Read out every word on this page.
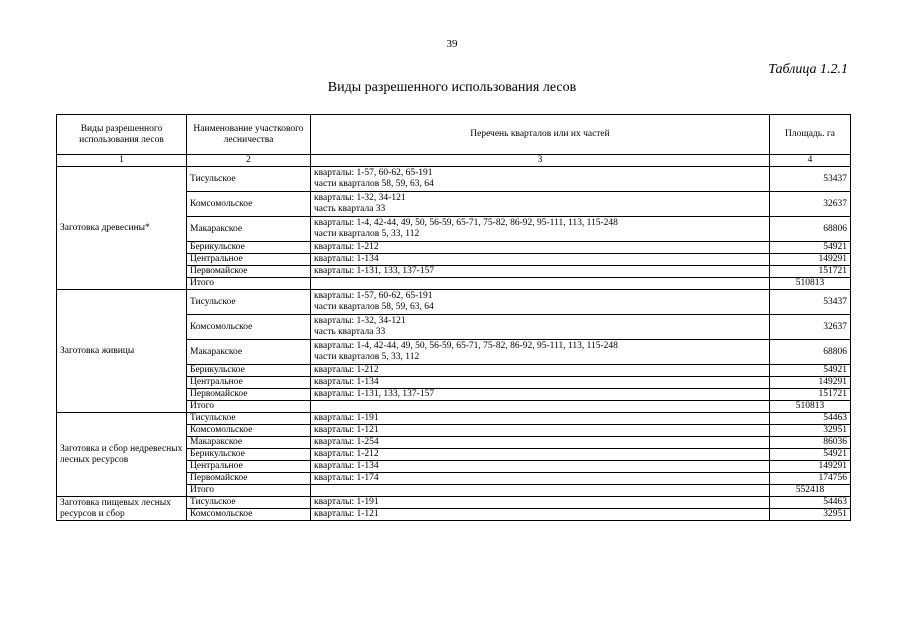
39
Таблица 1.2.1
Виды разрешенного использования лесов
Виды разрешенного использования лесов	Наименование участкового лесничества	Перечень кварталов или их частей	Площадь. га
1	2	3	4
Заготовка древесины*	Тисульское	кварталы: 1-57, 60-62, 65-191
части кварталов 58, 59, 63, 64	53437
	Комсомольское	кварталы: 1-32, 34-121
часть квартала 33	32637
	Макаракское	кварталы: 1-4, 42-44, 49, 50, 56-59, 65-71, 75-82, 86-92, 95-111, 113, 115-248
части кварталов 5, 33, 112	68806
	Берикульское	кварталы: 1-212	54921
	Центральное	кварталы: 1-134	149291
	Первомайское	кварталы: 1-131, 133, 137-157	151721
	Итого		510813
Заготовка живицы	Тисульское	кварталы: 1-57, 60-62, 65-191
части кварталов 58, 59, 63, 64	53437
	Комсомольское	кварталы: 1-32, 34-121
часть квартала 33	32637
	Макаракское	кварталы: 1-4, 42-44, 49, 50, 56-59, 65-71, 75-82, 86-92, 95-111, 113, 115-248
части кварталов 5, 33, 112	68806
	Берикульское	кварталы: 1-212	54921
	Центральное	кварталы: 1-134	149291
	Первомайское	кварталы: 1-131, 133, 137-157	151721
	Итого		510813
Заготовка и сбор недревесных лесных ресурсов	Тисульское	кварталы: 1-191	54463
	Комсомольское	кварталы: 1-121	32951
	Макаракское	кварталы: 1-254	86036
	Берикульское	кварталы: 1-212	54921
	Центральное	кварталы: 1-134	149291
	Первомайское	кварталы: 1-174	174756
	Итого		552418
Заготовка пищевых лесных ресурсов и сбор	Тисульское	кварталы: 1-191	54463
	Комсомольское	кварталы: 1-121	32951
